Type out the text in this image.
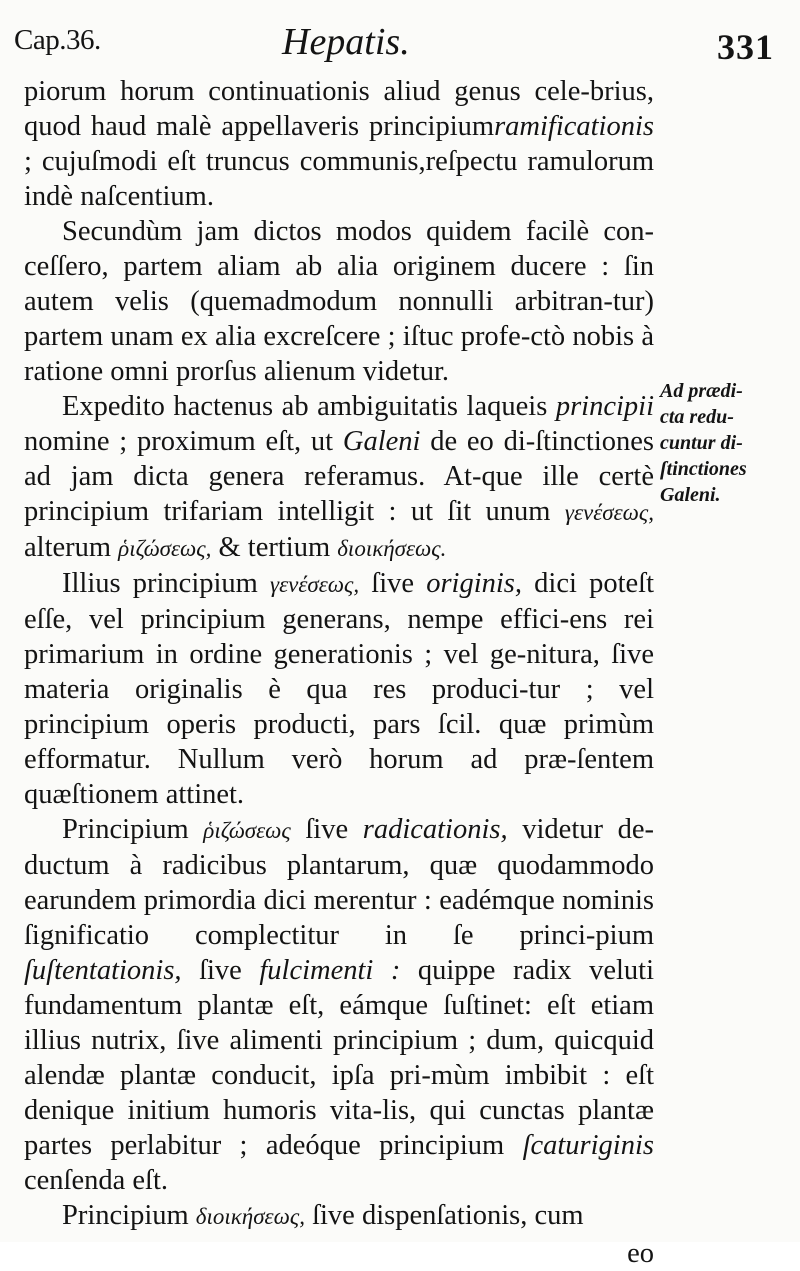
Cap.36.	Hepatis.	331

piorum horum continuationis aliud genus cele-brius, quod haud malè appellaveris principiumramificationis ; cujuſmodi eſt truncus communis,reſpectu ramulorum indè naſcentium.

Secundùm jam dictos modos quidem facilè con-ceſſero, partem aliam ab alia originem ducere : ſin autem velis (quemadmodum nonnulli arbitran-tur) partem unam ex alia excreſcere ; iſtuc profe-ctò nobis à ratione omni prorſus alienum videtur.

Expedito hactenus ab ambiguitatis laqueis principii nomine ; proximum eſt, ut Galeni de eo di-ſtinctiones ad jam dicta genera referamus. At-que ille certè principium trifariam intelligit : ut ſit unum γενέσεως, alterum ῥιζώσεως, & tertium διοικήσεως.

Illius principium γενέσεως, ſive originis, dici poteſt eſſe, vel principium generans, nempe effici-ens rei primarium in ordine generationis ; vel ge-nitura, ſive materia originalis è qua res produci-tur ; vel principium operis producti, pars ſcil. quæ primùm efformatur. Nullum verò horum ad præ-ſentem quæſtionem attinet.

Principium ῥιζώσεως ſive radicationis, videtur de-ductum à radicibus plantarum, quæ quodammodo earundem primordia dici merentur : eadémque nominis ſignificatio complectitur in ſe princi-pium ſuſtentationis, ſive fulcimenti : quippe radix veluti fundamentum plantæ eſt, eámque ſuſtinet: eſt etiam illius nutrix, ſive alimenti principium ; dum, quicquid alendæ plantæ conducit, ipſa pri-mùm imbibit : eſt denique initium humoris vita-lis, qui cunctas plantæ partes perlabitur ; adeóque principium ſcaturiginis cenſenda eſt.

Principium διοικήσεως, ſive dispenſationis, cum

eo
Ad prædi-
cta redu-
cuntur di-
ſtinctiones
Galeni.
